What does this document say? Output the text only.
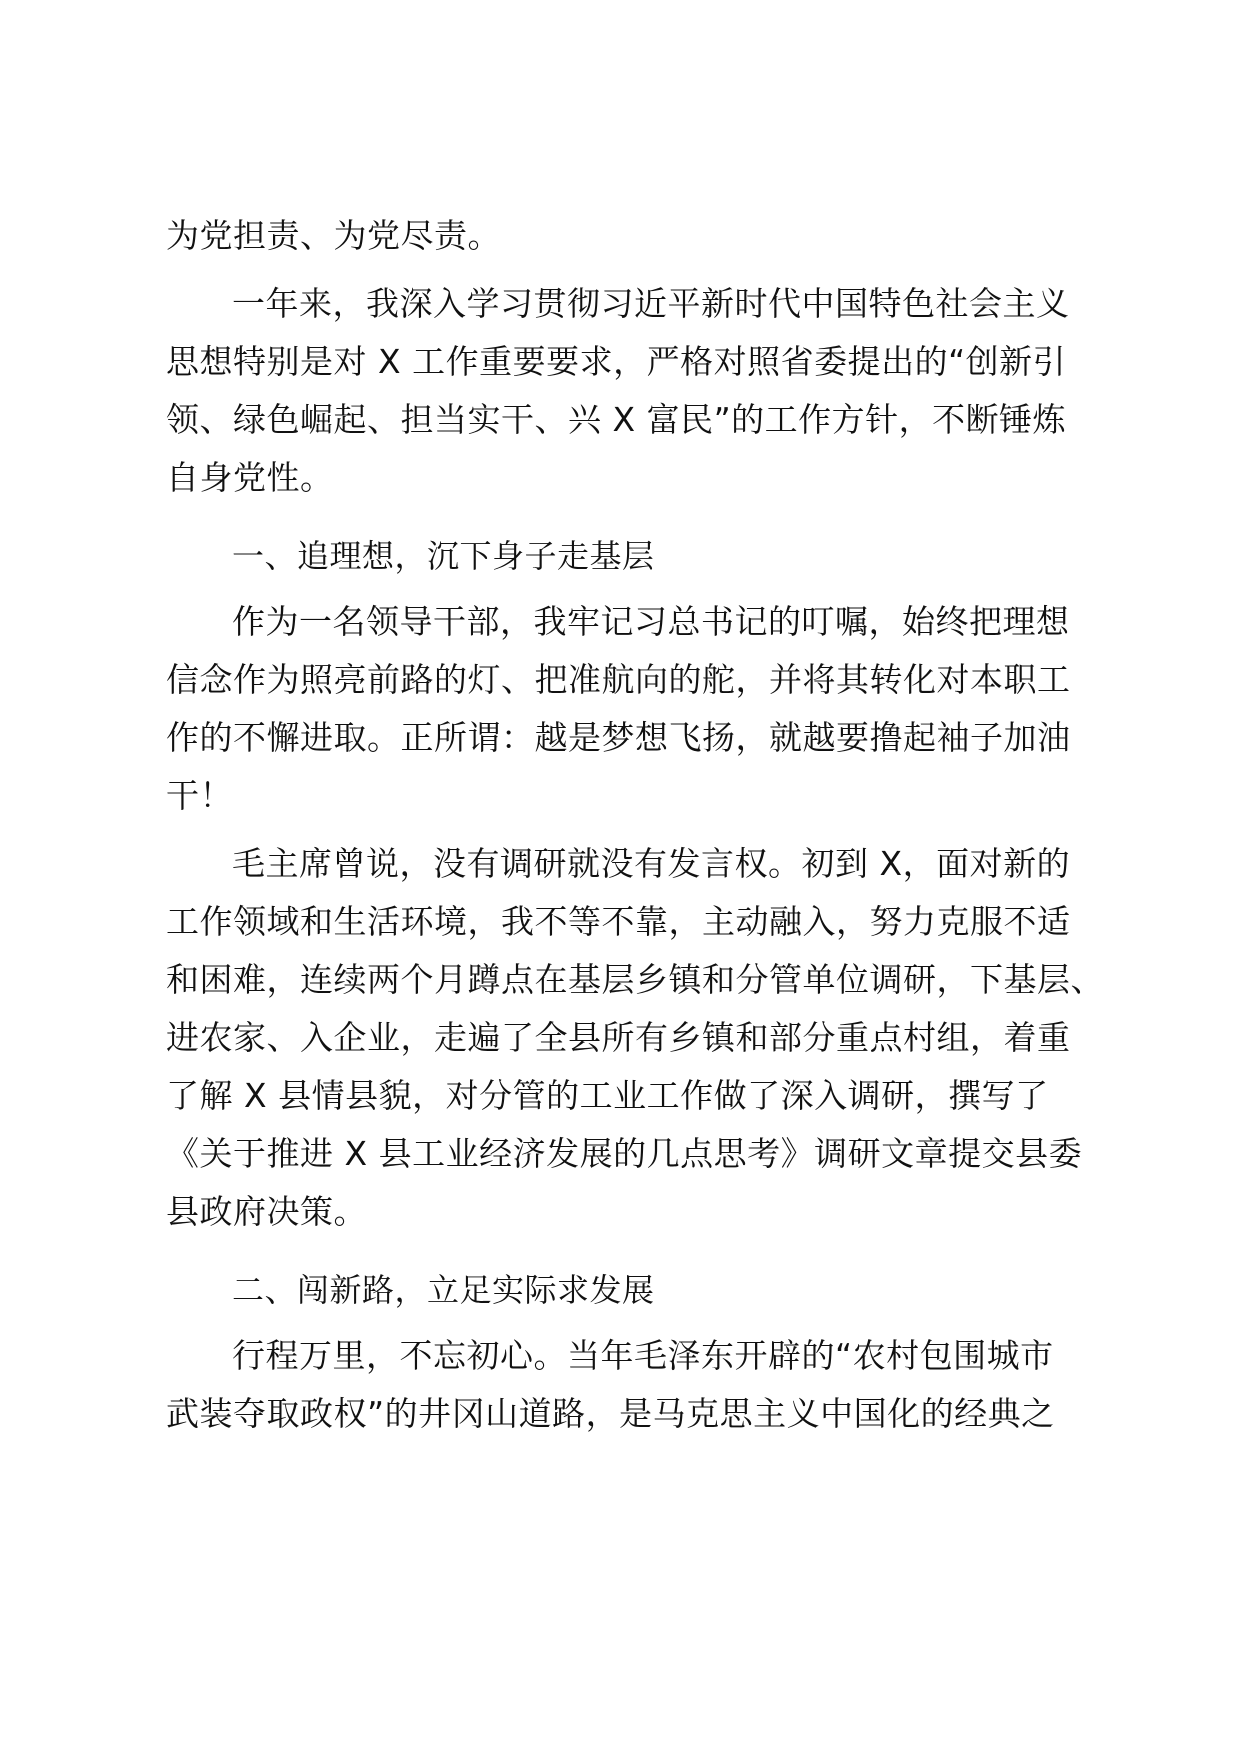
为党担责、为党尽责。
一年来，我深入学习贯彻习近平新时代中国特色社会主义
思想特别是对 X 工作重要要求，严格对照省委提出的“创新引
领、绿色崛起、担当实干、兴 X 富民”的工作方针，不断锤炼
自身党性。
一、追理想，沉下身子走基层
作为一名领导干部，我牢记习总书记的叮嘱，始终把理想
信念作为照亮前路的灯、把准航向的舵，并将其转化对本职工
作的不懈进取。正所谓：越是梦想飞扬，就越要撸起袖子加油
干！
毛主席曾说，没有调研就没有发言权。初到 X，面对新的
工作领域和生活环境，我不等不靠，主动融入，努力克服不适
和困难，连续两个月蹲点在基层乡镇和分管单位调研，下基层、
进农家、入企业，走遍了全县所有乡镇和部分重点村组，着重
了解 X 县情县貌，对分管的工业工作做了深入调研，撰写了
《关于推进 X 县工业经济发展的几点思考》调研文章提交县委
县政府决策。
二、闯新路，立足实际求发展
行程万里，不忘初心。当年毛泽东开辟的“农村包围城市
武装夺取政权”的井冈山道路，是马克思主义中国化的经典之
